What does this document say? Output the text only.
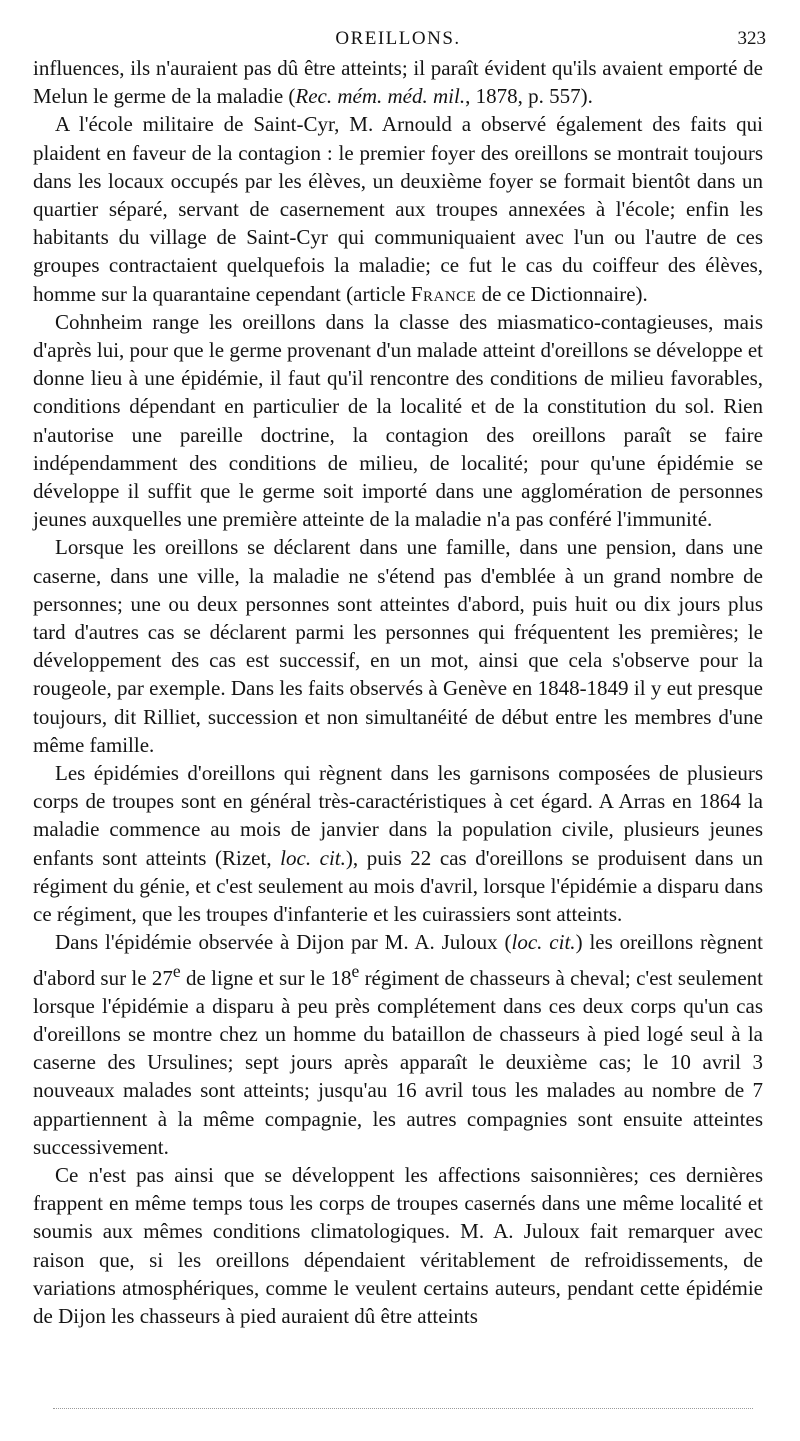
OREILLONS.	323

influences, ils n'auraient pas dû être atteints; il paraît évident qu'ils avaient emporté de Melun le germe de la maladie (Rec. mém. méd. mil., 1878, p. 557).

A l'école militaire de Saint-Cyr, M. Arnould a observé également des faits qui plaident en faveur de la contagion : le premier foyer des oreillons se montrait toujours dans les locaux occupés par les élèves, un deuxième foyer se formait bientôt dans un quartier séparé, servant de casernement aux troupes annexées à l'école; enfin les habitants du village de Saint-Cyr qui communiquaient avec l'un ou l'autre de ces groupes contractaient quelquefois la maladie; ce fut le cas du coiffeur des élèves, homme sur la quarantaine cependant (article France de ce Dictionnaire).

Cohnheim range les oreillons dans la classe des miasmatico-contagieuses, mais d'après lui, pour que le germe provenant d'un malade atteint d'oreillons se développe et donne lieu à une épidémie, il faut qu'il rencontre des conditions de milieu favorables, conditions dépendant en particulier de la localité et de la constitution du sol. Rien n'autorise une pareille doctrine, la contagion des oreillons paraît se faire indépendamment des conditions de milieu, de localité; pour qu'une épidémie se développe il suffit que le germe soit importé dans une agglomération de personnes jeunes auxquelles une première atteinte de la maladie n'a pas conféré l'immunité.

Lorsque les oreillons se déclarent dans une famille, dans une pension, dans une caserne, dans une ville, la maladie ne s'étend pas d'emblée à un grand nombre de personnes; une ou deux personnes sont atteintes d'abord, puis huit ou dix jours plus tard d'autres cas se déclarent parmi les personnes qui fréquentent les premières; le développement des cas est successif, en un mot, ainsi que cela s'observe pour la rougeole, par exemple. Dans les faits observés à Genève en 1848-1849 il y eut presque toujours, dit Rilliet, succession et non simultanéité de début entre les membres d'une même famille.

Les épidémies d'oreillons qui règnent dans les garnisons composées de plusieurs corps de troupes sont en général très-caractéristiques à cet égard. A Arras en 1864 la maladie commence au mois de janvier dans la population civile, plusieurs jeunes enfants sont atteints (Rizet, loc. cit.), puis 22 cas d'oreillons se produisent dans un régiment du génie, et c'est seulement au mois d'avril, lorsque l'épidémie a disparu dans ce régiment, que les troupes d'infanterie et les cuirassiers sont atteints.

Dans l'épidémie observée à Dijon par M. A. Juloux (loc. cit.) les oreillons règnent d'abord sur le 27e de ligne et sur le 18e régiment de chasseurs à cheval; c'est seulement lorsque l'épidémie a disparu à peu près complétement dans ces deux corps qu'un cas d'oreillons se montre chez un homme du bataillon de chasseurs à pied logé seul à la caserne des Ursulines; sept jours après apparaît le deuxième cas; le 10 avril 3 nouveaux malades sont atteints; jusqu'au 16 avril tous les malades au nombre de 7 appartiennent à la même compagnie, les autres compagnies sont ensuite atteintes successivement.

Ce n'est pas ainsi que se développent les affections saisonnières; ces dernières frappent en même temps tous les corps de troupes casernés dans une même localité et soumis aux mêmes conditions climatologiques. M. A. Juloux fait remarquer avec raison que, si les oreillons dépendaient véritablement de refroidissements, de variations atmosphériques, comme le veulent certains auteurs, pendant cette épidémie de Dijon les chasseurs à pied auraient dû être atteints
